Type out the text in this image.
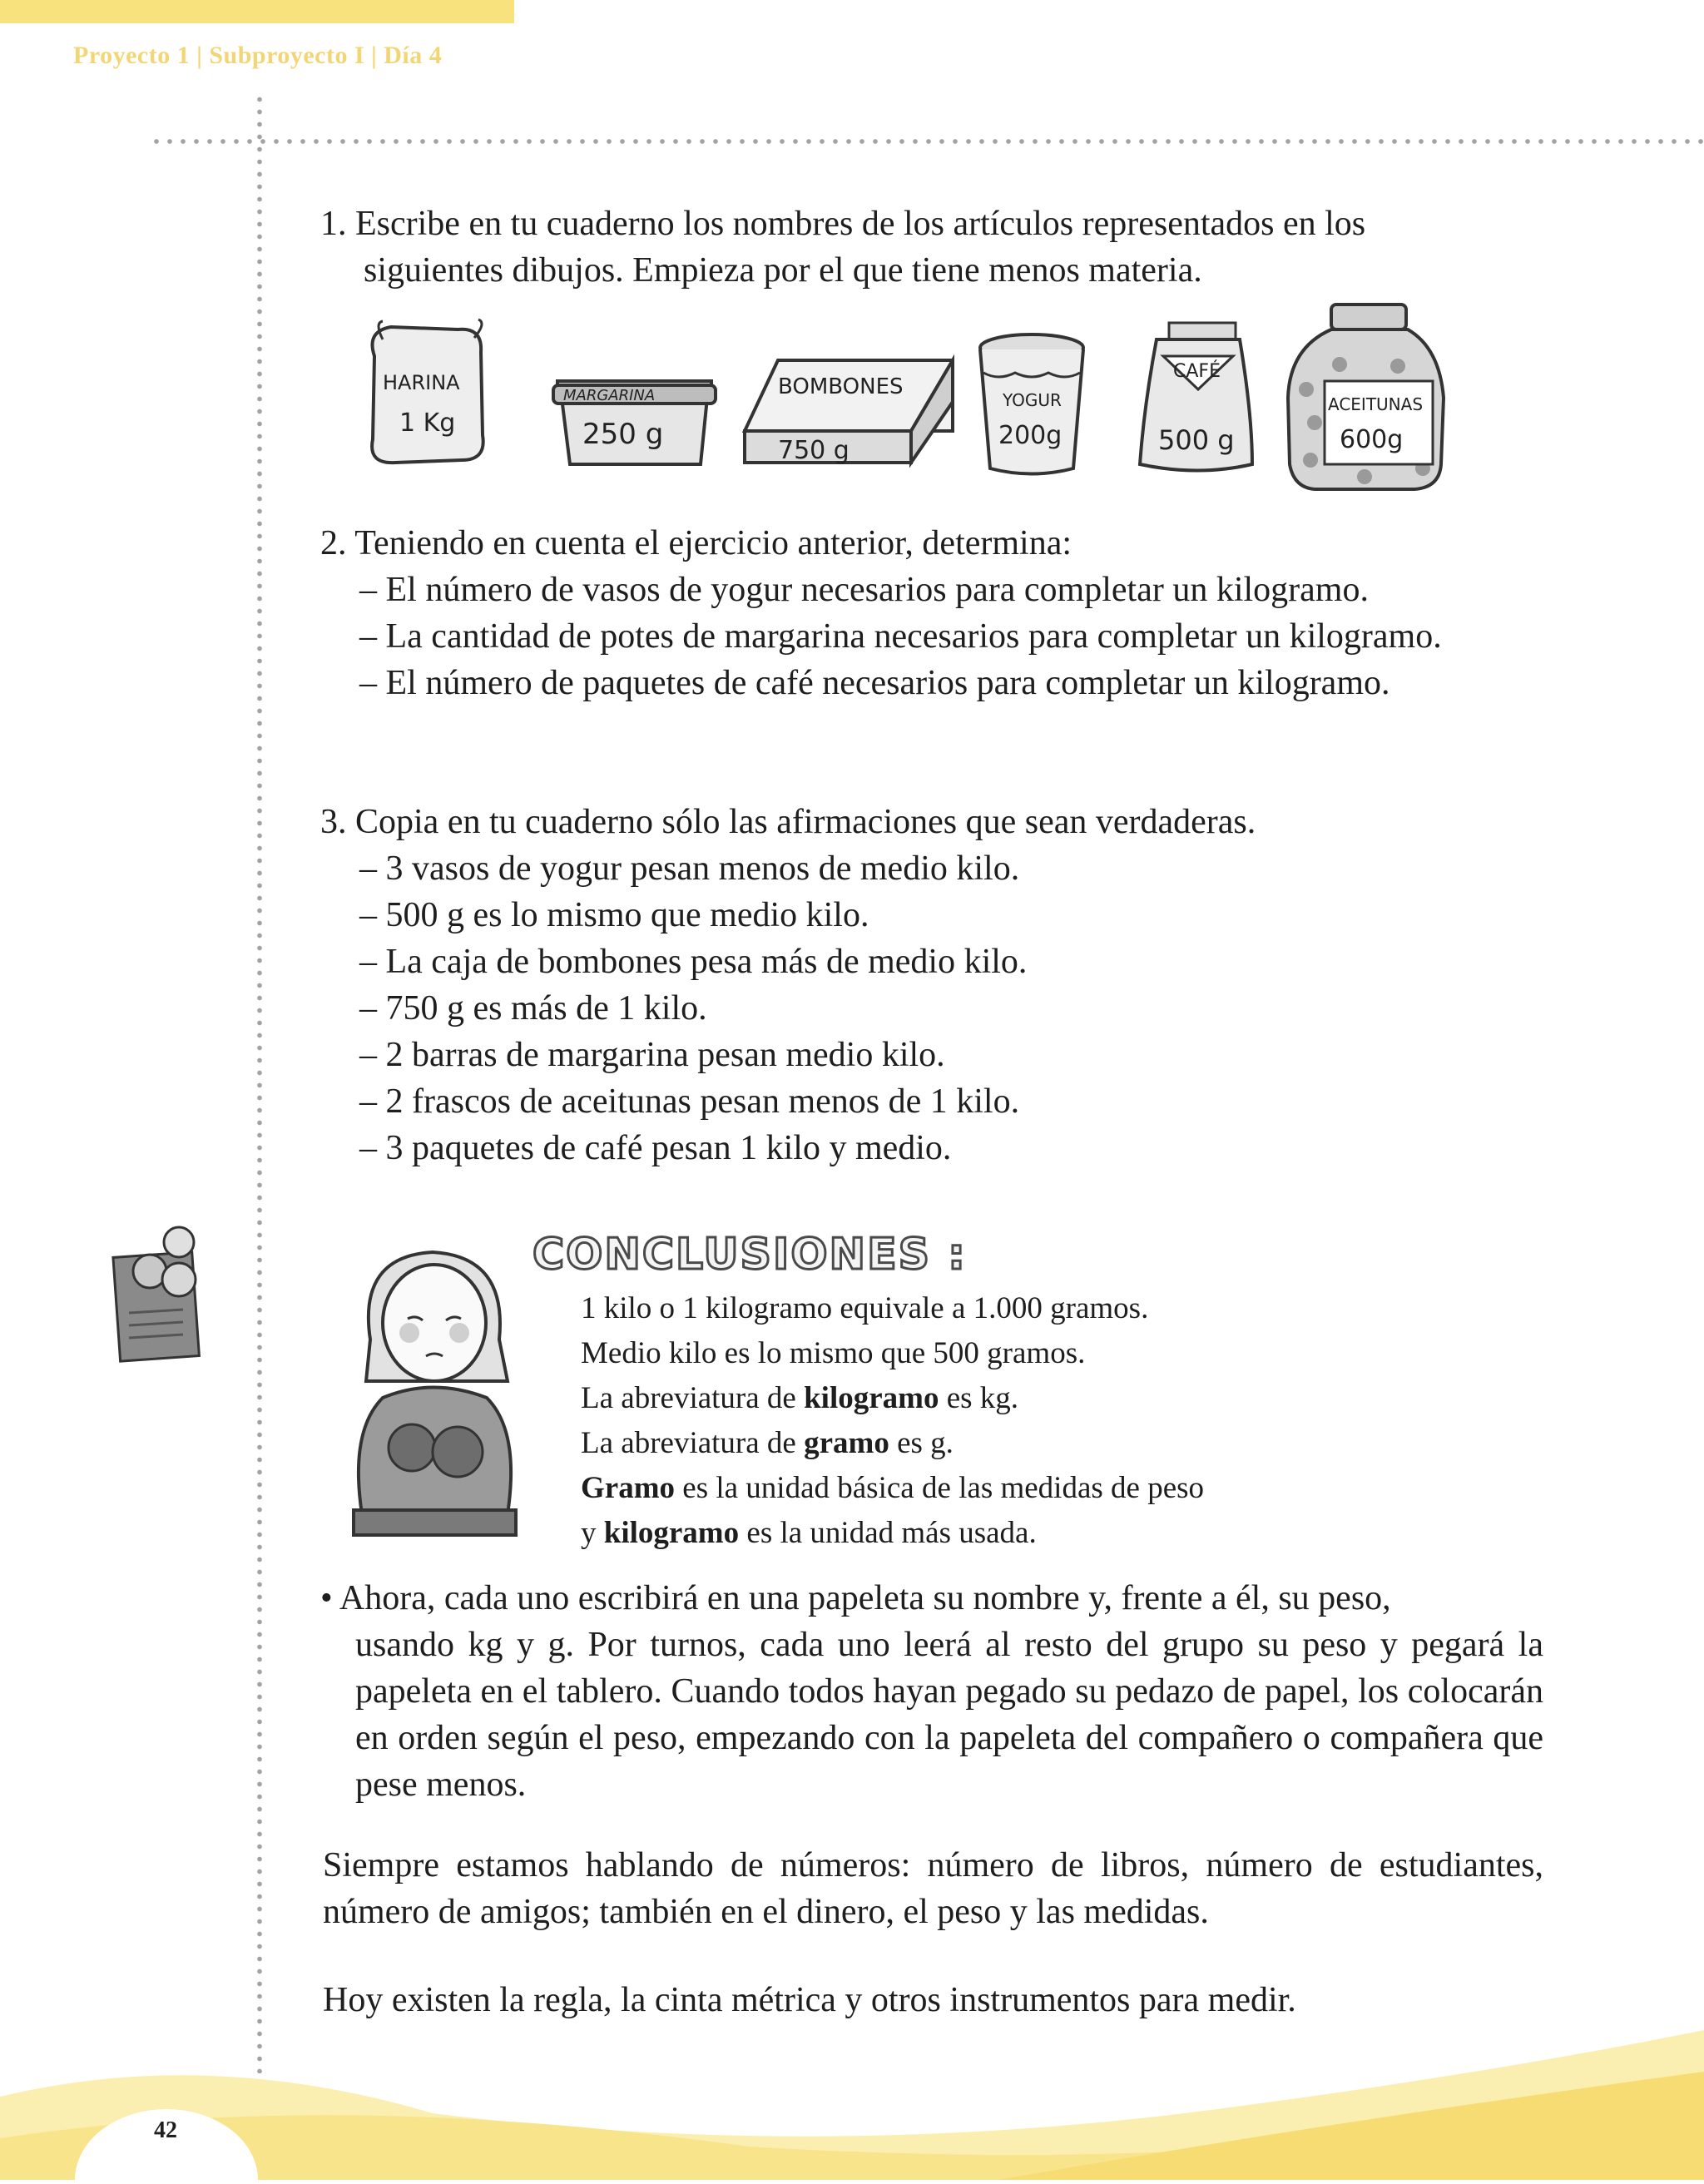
Proyecto 1 | Subproyecto I | Día 4

1. Escribe en tu cuaderno los nombres de los artículos representados en los

siguientes dibujos. Empieza por el que tiene menos materia.

HARINA
1 Kg
MARGARINA
250 g
BOMBONES
750 g
YOGUR
200g
CAFÉ
500 g
ACEITUNAS
600g

2. Teniendo en cuenta el ejercicio anterior, determina:

– El número de vasos de yogur necesarios para completar un kilogramo.

– La cantidad de potes de margarina necesarios para completar un kilogramo.

– El número de paquetes de café necesarios para completar un kilogramo.

3. Copia en tu cuaderno sólo las afirmaciones que sean verdaderas.

– 3 vasos de yogur pesan menos de medio kilo.

– 500 g es lo mismo que medio kilo.

– La caja de bombones pesa más de medio kilo.

– 750 g es más de 1 kilo.

– 2 barras de margarina pesan medio kilo.

– 2 frascos de aceitunas pesan menos de 1 kilo.

– 3 paquetes de café pesan 1 kilo y medio.

CONCLUSIONES :

1 kilo o 1 kilogramo equivale a 1.000 gramos.

Medio kilo es lo mismo que 500 gramos.

La abreviatura de kilogramo es kg.

La abreviatura de gramo es g.

Gramo es la unidad básica de las medidas de peso

y kilogramo es la unidad más usada.

• Ahora, cada uno escribirá en una papeleta su nombre y, frente a él, su peso,

usando kg y g. Por turnos, cada uno leerá al resto del grupo su peso y pegará la papeleta en el tablero. Cuando todos hayan pegado su pedazo de papel, los colocarán en orden según el peso, empezando con la papeleta del compañero o compañera que pese menos.

Siempre estamos hablando de números: número de libros, número de estudiantes, número de amigos; también en el dinero, el peso y las medidas.

Hoy existen la regla, la cinta métrica y otros instrumentos para medir.

42
